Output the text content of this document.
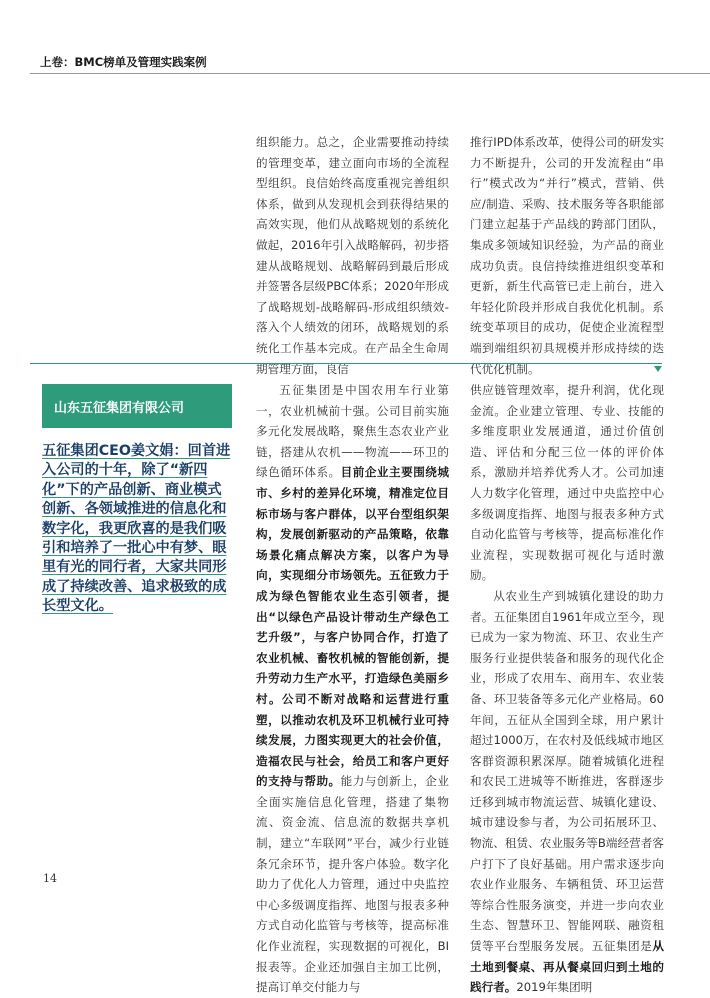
上卷：BMC榜单及管理实践案例

组织能力。总之，企业需要推动持续的管理变革，建立面向市场的全流程型组织。良信始终高度重视完善组织体系，做到从发现机会到获得结果的高效实现，他们从战略规划的系统化做起，2016年引入战略解码，初步搭建从战略规划、战略解码到最后形成并签署各层级PBC体系；2020年形成了战略规划-战略解码-形成组织绩效-落入个人绩效的闭环，战略规划的系统化工作基本完成。在产品全生命周期管理方面，良信

推行IPD体系改革，使得公司的研发实力不断提升，公司的开发流程由“串行”模式改为“并行”模式，营销、供应/制造、采购、技术服务等各职能部门建立起基于产品线的跨部门团队，集成多领域知识经验，为产品的商业成功负责。良信持续推进组织变革和更新，新生代高管已走上前台，进入年轻化阶段并形成自我优化机制。系统变革项目的成功，促使企业流程型端到端组织初具规模并形成持续的迭代优化机制。

山东五征集团有限公司
五征集团CEO姜文娟：回首进入公司的十年，除了“新四化”下的产品创新、商业模式创新、各领域推进的信息化和数字化，我更欣喜的是我们吸引和培养了一批心中有梦、眼里有光的同行者，大家共同形成了持续改善、追求极致的成长型文化。

五征集团是中国农用车行业第一，农业机械前十强。公司目前实施多元化发展战略，聚焦生态农业产业链，搭建从农机——物流——环卫的绿色循环体系。目前企业主要围绕城市、乡村的差异化环境，精准定位目标市场与客户群体，以平台型组织架构，发展创新驱动的产品策略，依靠场景化痛点解决方案，以客户为导向，实现细分市场领先。五征致力于成为绿色智能农业生态引领者，提出“以绿色产品设计带动生产绿色工艺升级”，与客户协同合作，打造了农业机械、畜牧机械的智能创新，提升劳动力生产水平，打造绿色美丽乡村。公司不断对战略和运营进行重塑，以推动农机及环卫机械行业可持续发展，力图实现更大的社会价值，造福农民与社会，给员工和客户更好的支持与帮助。能力与创新上，企业全面实施信息化管理，搭建了集物流、资金流、信息流的数据共享机制，建立“车联网”平台，减少行业链条冗余环节，提升客户体验。数字化助力了优化人力管理，通过中央监控中心多级调度指挥、地图与报表多种方式自动化监管与考核等，提高标准化作业流程，实现数据的可视化，BI报表等。企业还加强自主加工比例，提高订单交付能力与

供应链管理效率，提升利润，优化现金流。企业建立管理、专业、技能的多维度职业发展通道，通过价值创造、评估和分配三位一体的评价体系，激励并培养优秀人才。公司加速人力数字化管理，通过中央监控中心多级调度指挥、地图与报表多种方式自动化监管与考核等，提高标准化作业流程，实现数据可视化与适时激励。

从农业生产到城镇化建设的助力者。五征集团自1961年成立至今，现已成为一家为物流、环卫、农业生产服务行业提供装备和服务的现代化企业，形成了农用车、商用车、农业装备、环卫装备等多元化产业格局。60年间，五征从全国到全球，用户累计超过1000万，在农村及低线城市地区客群资源积累深厚。随着城镇化进程和农民工进城等不断推进，客群逐步迁移到城市物流运营、城镇化建设、城市建设参与者，为公司拓展环卫、物流、租赁、农业服务等B端经营者客户打下了良好基础。用户需求逐步向农业作业服务、车辆租赁、环卫运营等综合性服务演变，并进一步向农业生态、智慧环卫、智能网联、融资租赁等平台型服务发展。五征集团是从土地到餐桌、再从餐桌回归到土地的践行者。2019年集团明

14
